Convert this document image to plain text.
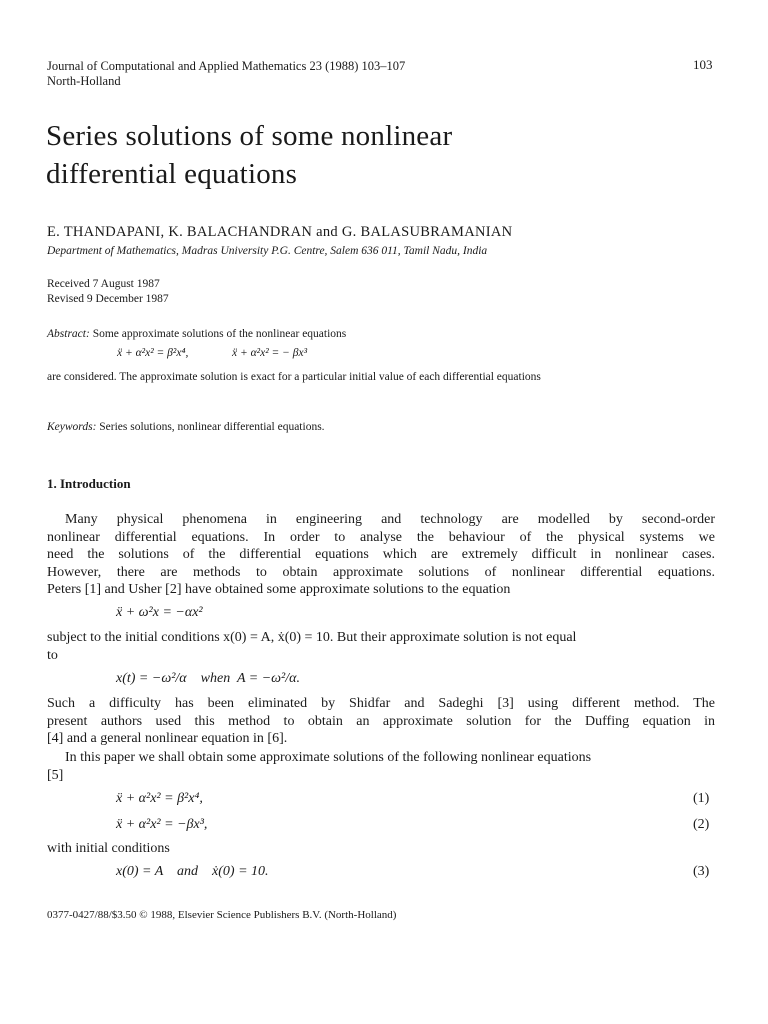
Journal of Computational and Applied Mathematics 23 (1988) 103–107
North-Holland
103
Series solutions of some nonlinear
differential equations
E. THANDAPANI, K. BALACHANDRAN and G. BALASUBRAMANIAN
Department of Mathematics, Madras University P.G. Centre, Salem 636 011, Tamil Nadu, India
Received 7 August 1987
Revised 9 December 1987
Abstract: Some approximate solutions of the nonlinear equations
ẍ + α²x² = β²x⁴,	ẍ + α²x² = − βx³
are considered. The approximate solution is exact for a particular initial value of each differential equations
Keywords: Series solutions, nonlinear differential equations.
1. Introduction
Many physical phenomena in engineering and technology are modelled by second-order
nonlinear differential equations. In order to analyse the behaviour of the physical systems we
need the solutions of the differential equations which are extremely difficult in nonlinear cases.
However, there are methods to obtain approximate solutions of nonlinear differential equations.
Peters [1] and Usher [2] have obtained some approximate solutions to the equation
ẍ + ω²x = −αx²
subject to the initial conditions x(0) = A, ẋ(0) = 10. But their approximate solution is not equal
to
x(t) = −ω²/α    when  A = −ω²/α.
Such a difficulty has been eliminated by Shidfar and Sadeghi [3] using different method. The
present authors used this method to obtain an approximate solution for the Duffing equation in
[4] and a general nonlinear equation in [6].
In this paper we shall obtain some approximate solutions of the following nonlinear equations
[5]
ẍ + α²x² = β²x⁴,	(1)
ẍ + α²x² = −βx³,	(2)
with initial conditions
x(0) = A    and    ẋ(0) = 10.	(3)
0377-0427/88/$3.50 © 1988, Elsevier Science Publishers B.V. (North-Holland)
